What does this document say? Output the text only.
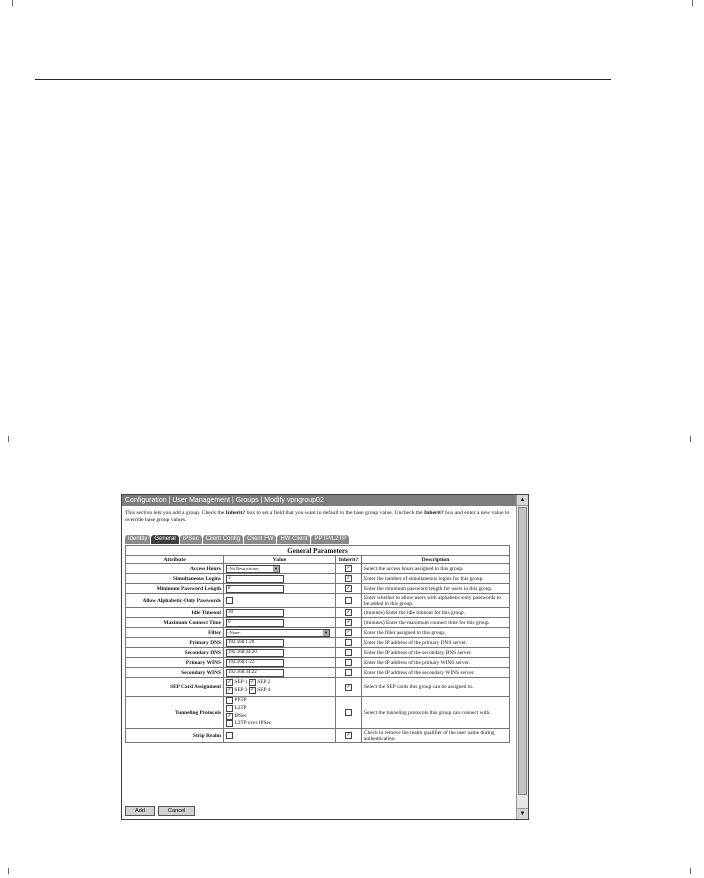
Configuration | User Management | Groups | Modify vpngroup02	▲
▼
This section lets you add a group. Check the Inherit? box to set a field that you want to default to the base group value. Uncheck the Inherit? box and enter a new value to override base group values.
Identity	General	IPSec	Client Config	Client FW	HW Client	PPTP/L2TP
General Parameters			
Attribute	Value	Inherit?	Description
Access Hours	-No Restrictions- ▼	✓	Select the access hours assigned to this group.
Simultaneous Logins	3	✓	Enter the number of simultaneous logins for this group.
Minimum Password Length	8	✓	Enter the minimum password length for users in this group.
Allow Alphabetic-Only Passwords			Enter whether to allow users with alphabetic-only passwords to be added to this group.
Idle Timeout	30	✓	(minutes) Enter the idle timeout for this group.
Maximum Connect Time	0	✓	(minutes) Enter the maximum connect time for this group.
Filter	-None- ▼	✓	Enter the filter assigned to this group.
Primary DNS	192.168.1.20		Enter the IP address of the primary DNS server.
Secondary DNS	192.168.34.20		Enter the IP address of the secondary DNS server.
Primary WINS	192.168.1.22		Enter the IP address of the primary WINS server.
Secondary WINS	192.168.34.22		Enter the IP address of the secondary WINS server.
SEP Card Assignment	✓ SEP 1 ✓ SEP 2
✓ SEP 3 ✓ SEP 4	✓	Select the SEP cards this group can be assigned to.
Tunneling Protocols	PPTP
L2TP
✓ IPSec
L2TP over IPSec		Select the tunneling protocols this group can connect with.
Strip Realm		✓	Check to remove the realm qualifier of the user name during authentication.
Add	Cancel
